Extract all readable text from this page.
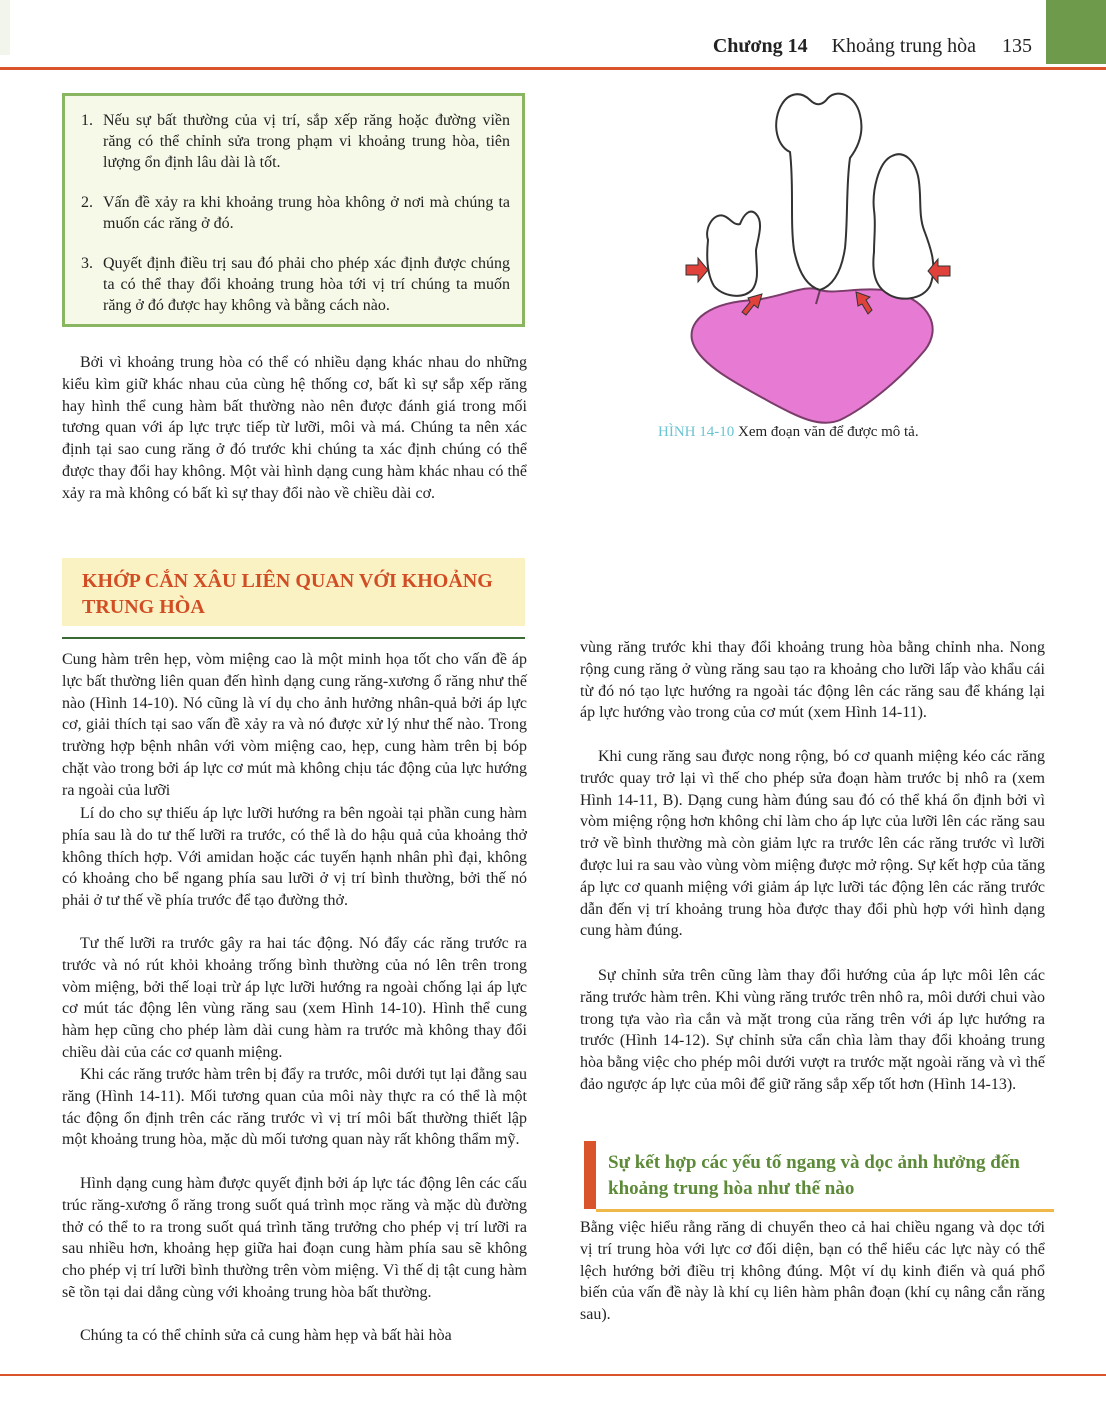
Chương 14 Khoảng trung hòa 135
1. Nếu sự bất thường của vị trí, sắp xếp răng hoặc đường viền răng có thể chỉnh sửa trong phạm vi khoảng trung hòa, tiên lượng ổn định lâu dài là tốt.
2. Vấn đề xảy ra khi khoảng trung hòa không ở nơi mà chúng ta muốn các răng ở đó.
3. Quyết định điều trị sau đó phải cho phép xác định được chúng ta có thể thay đổi khoảng trung hòa tới vị trí chúng ta muốn răng ở đó được hay không và bằng cách nào.

Bởi vì khoảng trung hòa có thể có nhiều dạng khác nhau do những kiểu kìm giữ khác nhau của cùng hệ thống cơ, bất kì sự sắp xếp răng hay hình thể cung hàm bất thường nào nên được đánh giá trong mối tương quan với áp lực trực tiếp từ lưỡi, môi và má. Chúng ta nên xác định tại sao cung răng ở đó trước khi chúng ta xác định chúng có thể được thay đổi hay không. Một vài hình dạng cung hàm khác nhau có thể xảy ra mà không có bất kì sự thay đổi nào về chiều dài cơ.

KHỚP CẮN XÂU LIÊN QUAN VỚI KHOẢNG TRUNG HÒA

Cung hàm trên hẹp, vòm miệng cao là một minh họa tốt cho vấn đề áp lực bất thường liên quan đến hình dạng cung răng-xương ổ răng như thế nào (Hình 14-10). Nó cũng là ví dụ cho ảnh hưởng nhân-quả bởi áp lực cơ, giải thích tại sao vấn đề xảy ra và nó được xử lý như thế nào. Trong trường hợp bệnh nhân với vòm miệng cao, hẹp, cung hàm trên bị bóp chặt vào trong bởi áp lực cơ mút mà không chịu tác động của lực hướng ra ngoài của lưỡi

Lí do cho sự thiếu áp lực lưỡi hướng ra bên ngoài tại phần cung hàm phía sau là do tư thế lưỡi ra trước, có thể là do hậu quả của khoảng thở không thích hợp. Với amidan hoặc các tuyến hạnh nhân phì đại, không có khoảng cho bể ngang phía sau lưỡi ở vị trí bình thường, bởi thế nó phải ở tư thế về phía trước để tạo đường thở.

Tư thế lưỡi ra trước gây ra hai tác động. Nó đẩy các răng trước ra trước và nó rút khỏi khoảng trống bình thường của nó lên trên trong vòm miệng, bởi thế loại trừ áp lực lưỡi hướng ra ngoài chống lại áp lực cơ mút tác động lên vùng răng sau (xem Hình 14-10). Hình thể cung hàm hẹp cũng cho phép làm dài cung hàm ra trước mà không thay đổi chiều dài của các cơ quanh miệng.

Khi các răng trước hàm trên bị đẩy ra trước, môi dưới tụt lại đằng sau răng (Hình 14-11). Mối tương quan của môi này thực ra có thể là một tác động ổn định trên các răng trước vì vị trí môi bất thường thiết lập một khoảng trung hòa, mặc dù mối tương quan này rất không thẩm mỹ.

Hình dạng cung hàm được quyết định bởi áp lực tác động lên các cấu trúc răng-xương ổ răng trong suốt quá trình mọc răng và mặc dù đường thở có thể to ra trong suốt quá trình tăng trưởng cho phép vị trí lưỡi ra sau nhiều hơn, khoảng hẹp giữa hai đoạn cung hàm phía sau sẽ không cho phép vị trí lưỡi bình thường trên vòm miệng. Vì thế dị tật cung hàm sẽ tồn tại dai dẳng cùng với khoảng trung hòa bất thường.

Chúng ta có thể chỉnh sửa cả cung hàm hẹp và bất hài hòa

vùng răng trước khi thay đổi khoảng trung hòa bằng chỉnh nha. Nong rộng cung răng ở vùng răng sau tạo ra khoảng cho lưỡi lấp vào khẩu cái từ đó nó tạo lực hướng ra ngoài tác động lên các răng sau để kháng lại áp lực hướng vào trong của cơ mút (xem Hình 14-11).

Khi cung răng sau được nong rộng, bó cơ quanh miệng kéo các răng trước quay trở lại vì thế cho phép sửa đoạn hàm trước bị nhô ra (xem Hình 14-11, B). Dạng cung hàm đúng sau đó có thể khá ổn định bởi vì vòm miệng rộng hơn không chỉ làm cho áp lực của lưỡi lên các răng sau trở về bình thường mà còn giảm lực ra trước lên các răng trước vì lưỡi được lui ra sau vào vùng vòm miệng được mở rộng. Sự kết hợp của tăng áp lực cơ quanh miệng với giảm áp lực lưỡi tác động lên các răng trước dẫn đến vị trí khoảng trung hòa được thay đổi phù hợp với hình dạng cung hàm đúng.

Sự chỉnh sửa trên cũng làm thay đổi hướng của áp lực môi lên các răng trước hàm trên. Khi vùng răng trước trên nhô ra, môi dưới chui vào trong tựa vào rìa cắn và mặt trong của răng trên với áp lực hướng ra trước (Hình 14-12). Sự chỉnh sửa cẩn chìa làm thay đổi khoảng trung hòa bằng việc cho phép môi dưới vượt ra trước mặt ngoài răng và vì thế đảo ngược áp lực của môi để giữ răng sắp xếp tốt hơn (Hình 14-13).

HÌNH 14-10 Xem đoạn văn để được mô tả.
Sự kết hợp các yếu tố ngang và dọc ảnh hưởng đến khoảng trung hòa như thế nào

Bằng việc hiểu rằng răng di chuyển theo cả hai chiều ngang và dọc tới vị trí trung hòa với lực cơ đối diện, bạn có thể hiểu các lực này có thể lệch hướng bởi điều trị không đúng. Một ví dụ kinh điển và quá phổ biến của vấn đề này là khí cụ liên hàm phân đoạn (khí cụ nâng cắn răng sau).
